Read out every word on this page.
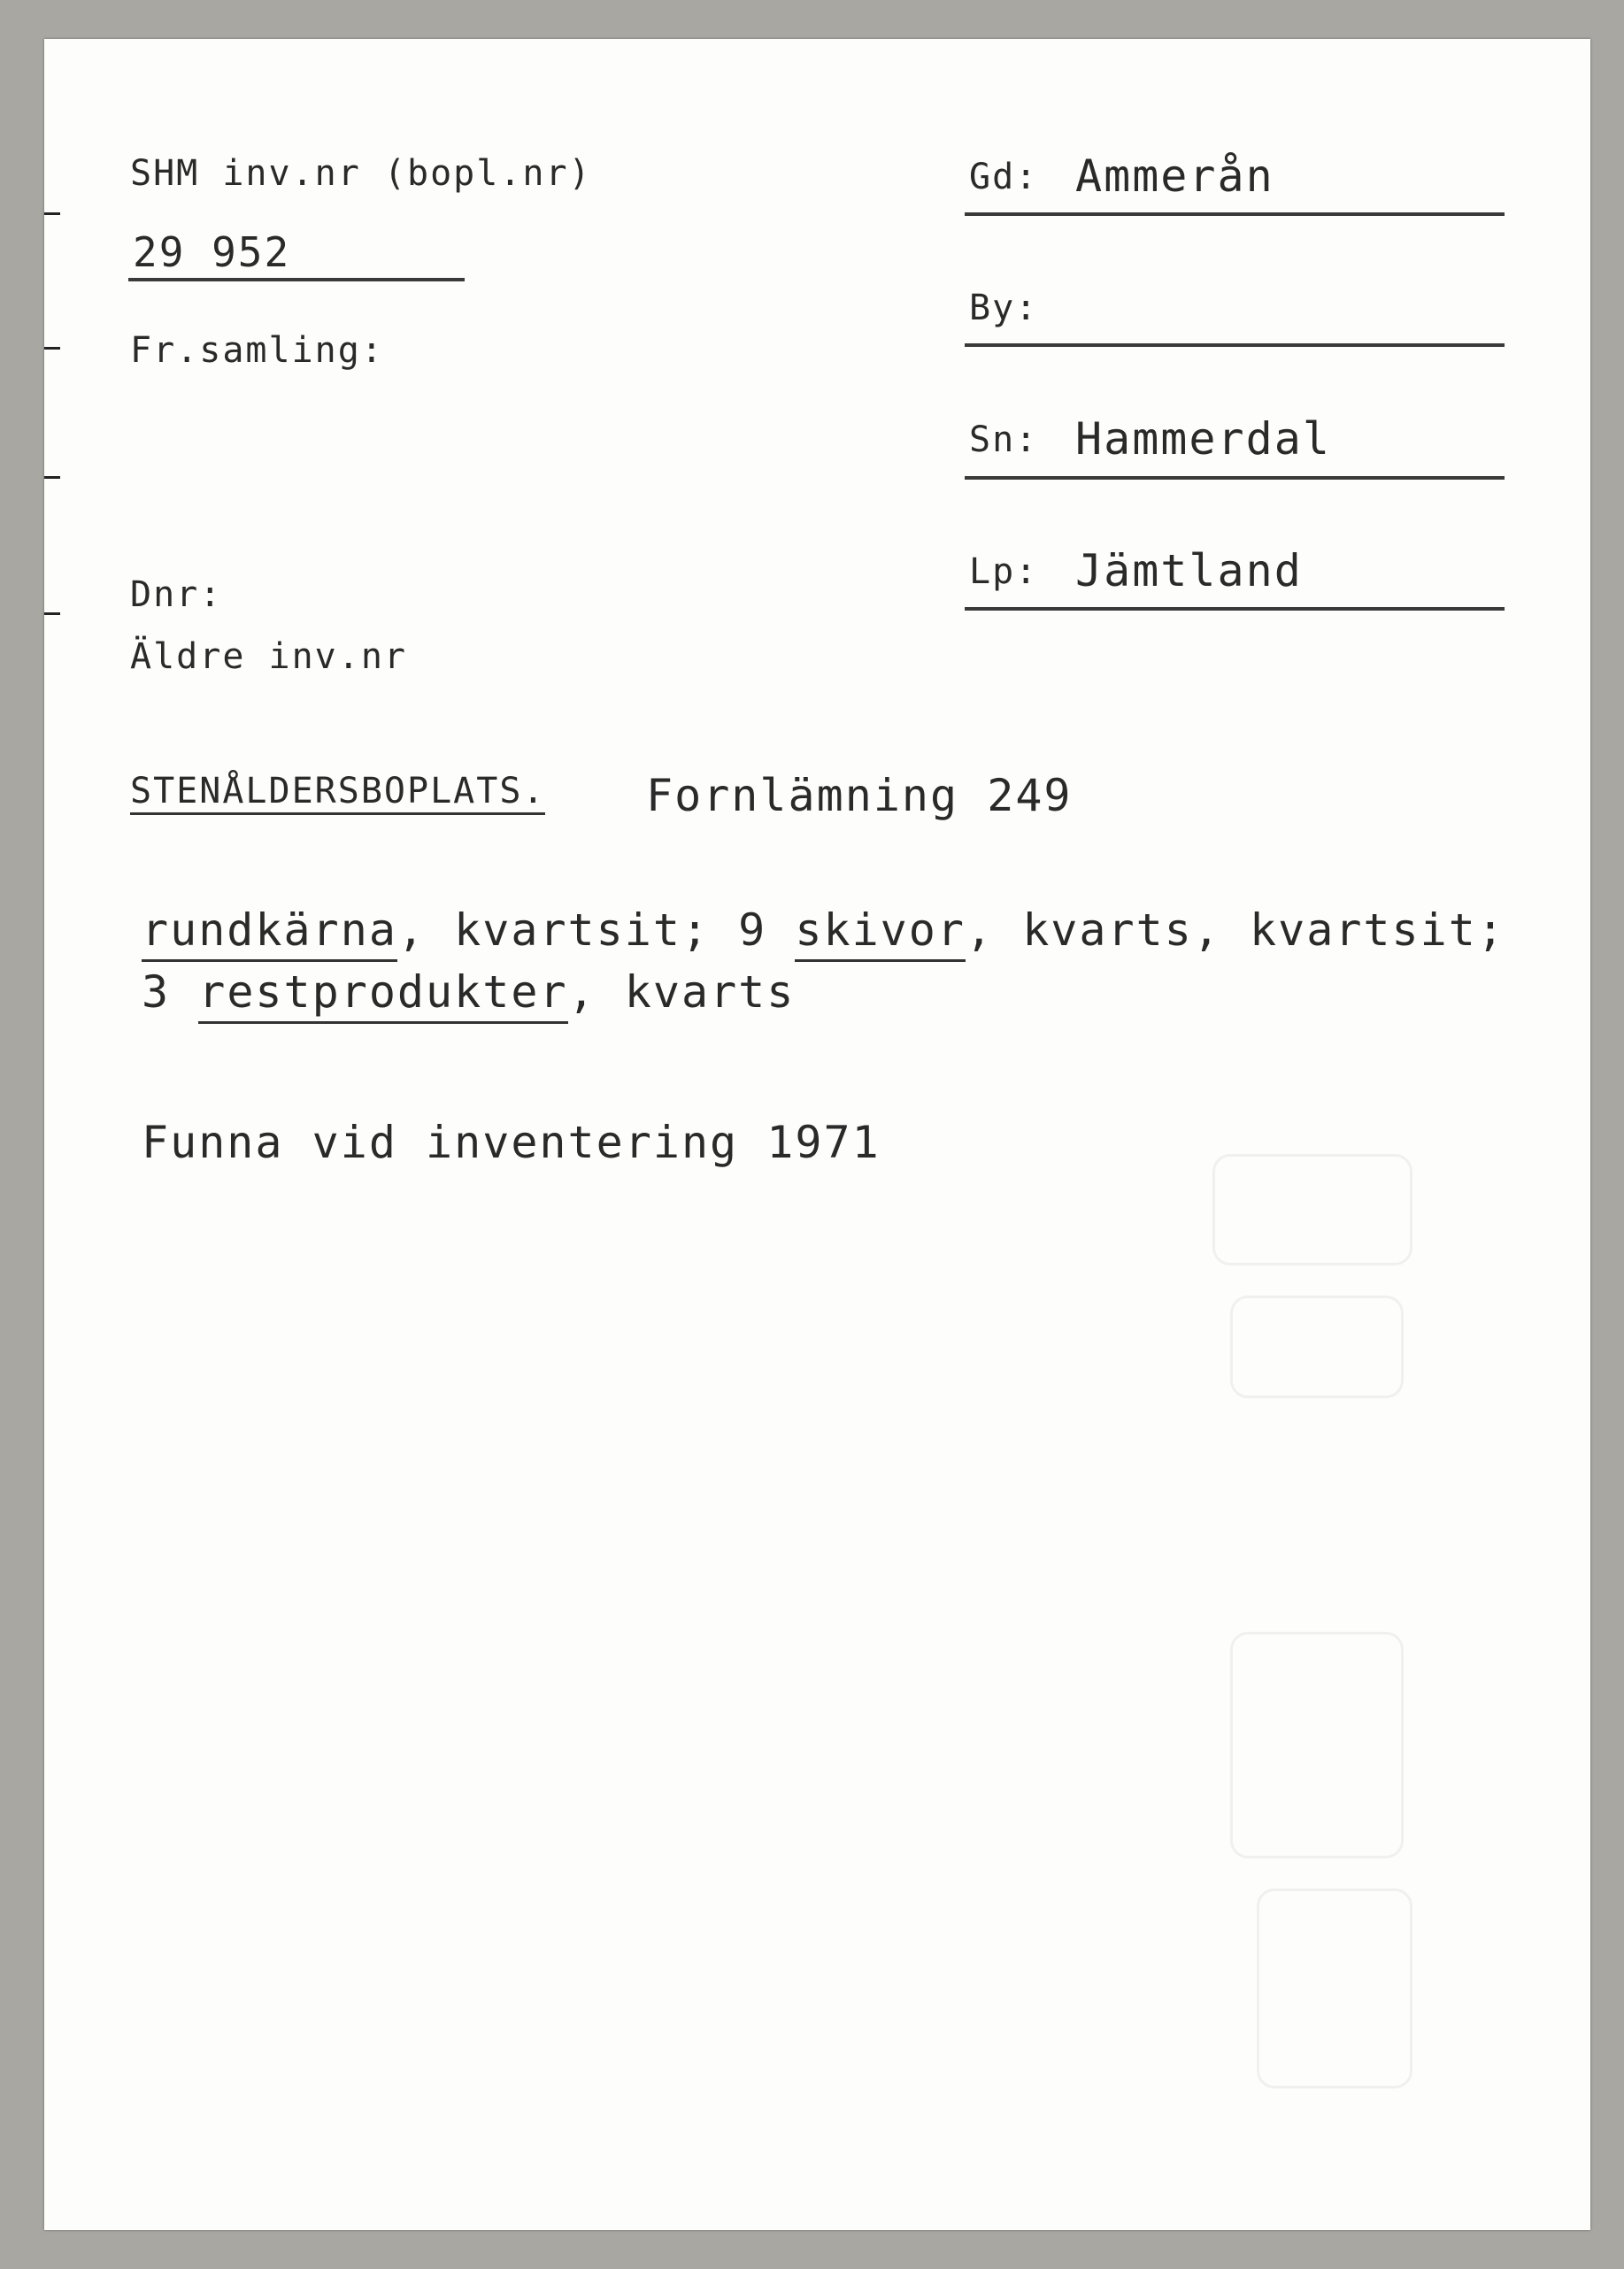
SHM inv.nr (bopl.nr)
29 952
Fr.samling:
Dnr:
Äldre inv.nr
Gd: Ammerån
By:
Sn: Hammerdal
Lp: Jämtland
STENÅLDERSBOPLATS. Fornlämning 249
rundkärna, kvartsit; 9 skivor, kvarts, kvartsit;
3 restprodukter, kvarts
Funna vid inventering 1971
